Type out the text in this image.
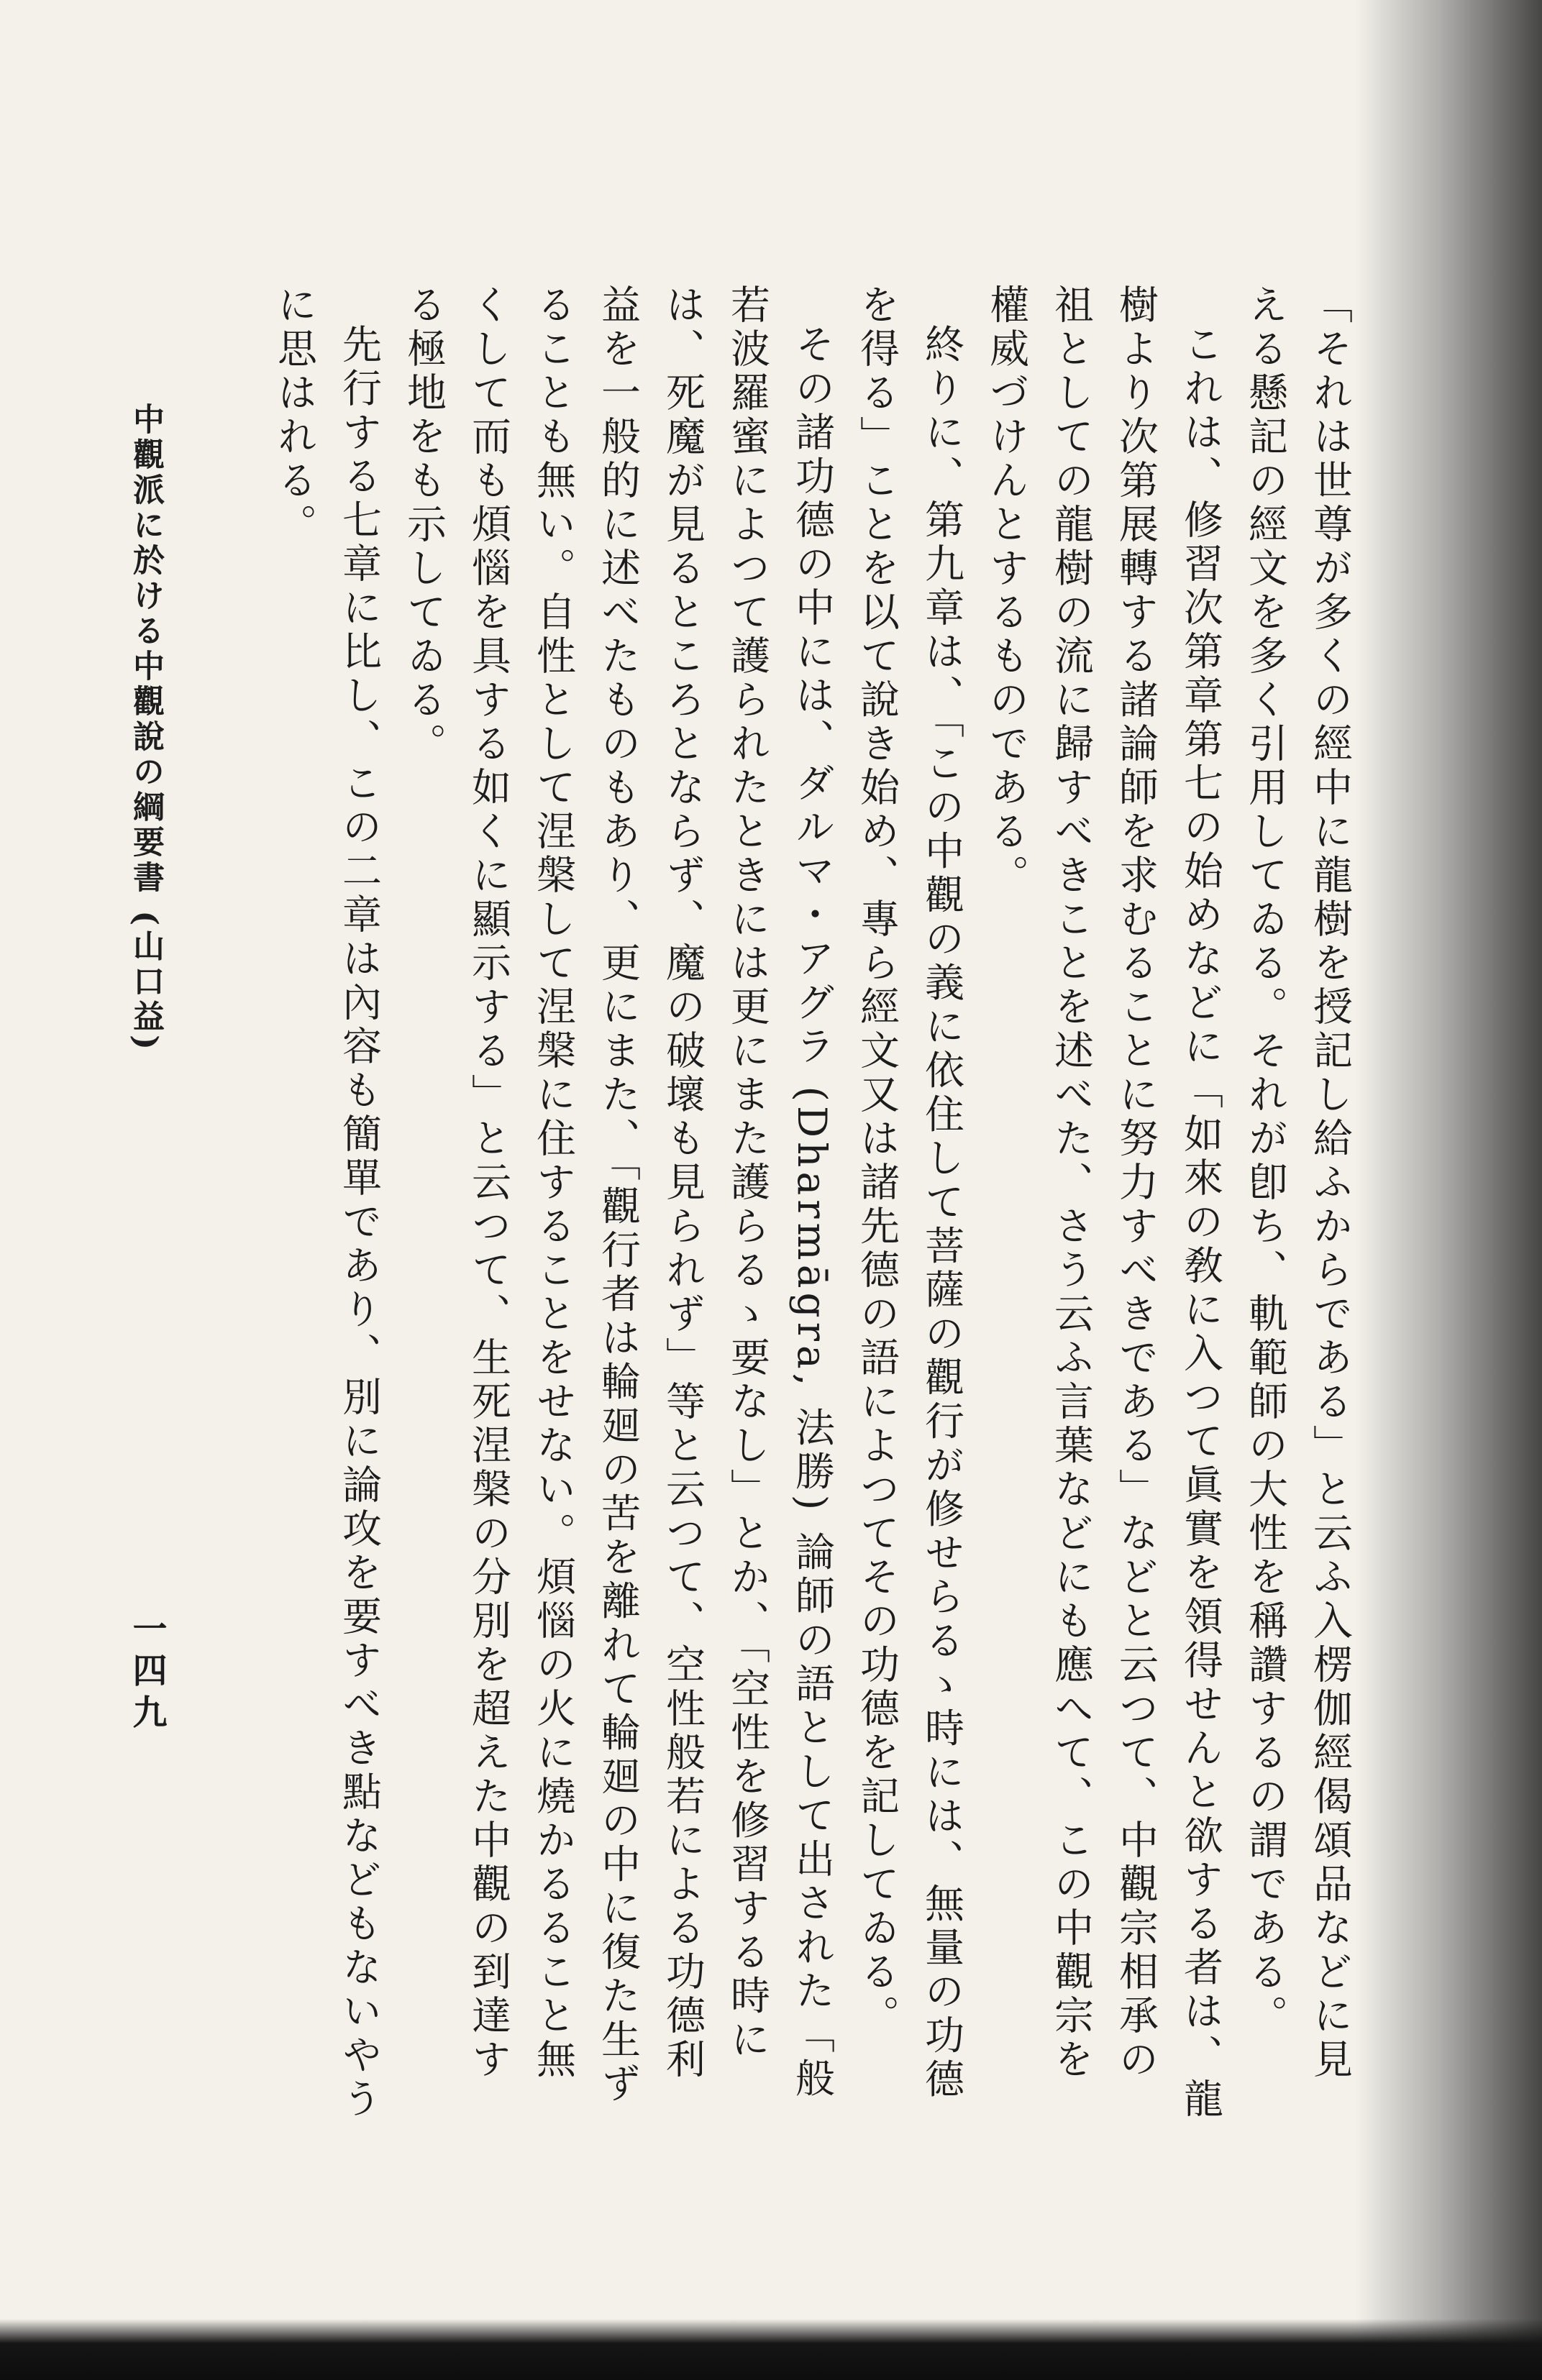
「それは世尊が多くの經中に龍樹を授記し給ふからである」と云ふ入楞伽經偈頌品などに見える懸記の經文を多く引用してゐる。それが卽ち、軌範師の大性を稱讚するの謂である。

これは、修習次第章第七の始めなどに「如來の敎に入つて眞實を領得せんと欲する者は、龍樹より次第展轉する諸論師を求むることに努力すべきである」などと云つて、中觀宗相承の祖としての龍樹の流に歸すべきことを述べた、さう云ふ言葉などにも應へて、この中觀宗を權威づけんとするものである。

終りに、第九章は、「この中觀の義に依住して菩薩の觀行が修せらるゝ時には、無量の功德を得る」ことを以て說き始め、專ら經文又は諸先德の語によつてその功德を記してゐる。

その諸功德の中には、ダルマ・アグラ (Dharmāgra, 法勝) 論師の語として出された「般若波羅蜜によつて護られたときには更にまた護らるゝ要なし」とか、「空性を修習する時には、死魔が見るところとならず、魔の破壞も見られず」等と云つて、空性般若による功德利益を一般的に述べたものもあり、更にまた、「觀行者は輪廻の苦を離れて輪廻の中に復た生ずることも無い。自性として涅槃して涅槃に住することをせない。煩惱の火に燒かるること無くして而も煩惱を具する如くに顯示する」と云つて、生死涅槃の分別を超えた中觀の到達する極地をも示してゐる。

先行する七章に比し、この二章は內容も簡單であり、別に論攻を要すべき點などもないやうに思はれる。

中觀派に於ける中觀說の綱要書 (山口益)
一四九
